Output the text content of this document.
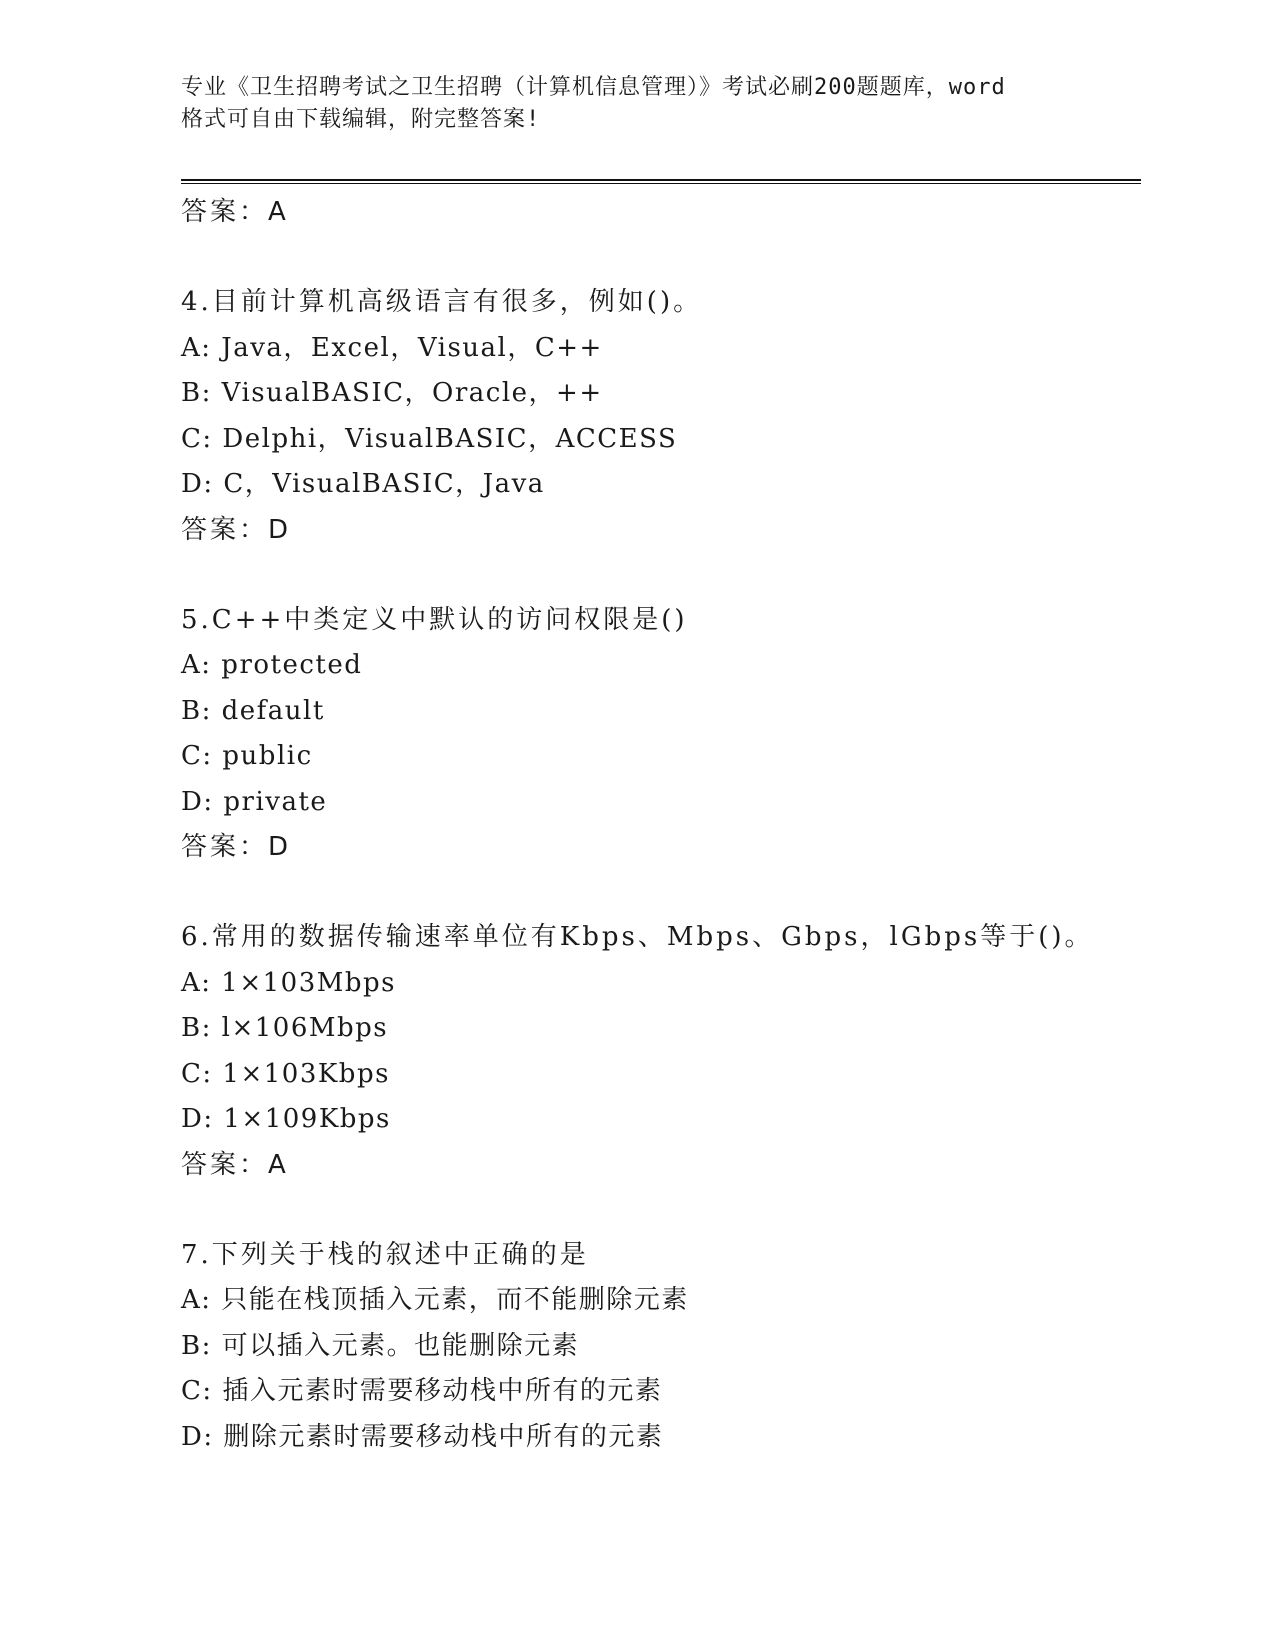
专业《卫生招聘考试之卫生招聘（计算机信息管理）》考试必刷200题题库，word
格式可自由下载编辑，附完整答案!
答案：A
4.目前计算机高级语言有很多，例如()。
A: Java，Excel，Visual，C++
B: VisualBASIC，Oracle，++
C: Delphi，VisualBASIC，ACCESS
D: C，VisualBASIC，Java
答案：D
5.C++中类定义中默认的访问权限是()
A: protected
B: default
C: public
D: private
答案：D
6.常用的数据传输速率单位有Kbps、Mbps、Gbps，lGbps等于()。
A: 1×103Mbps
B: l×106Mbps
C: 1×103Kbps
D: 1×109Kbps
答案：A
7.下列关于栈的叙述中正确的是
A: 只能在栈顶插入元素，而不能删除元素
B: 可以插入元素。也能删除元素
C: 插入元素时需要移动栈中所有的元素
D: 删除元素时需要移动栈中所有的元素
